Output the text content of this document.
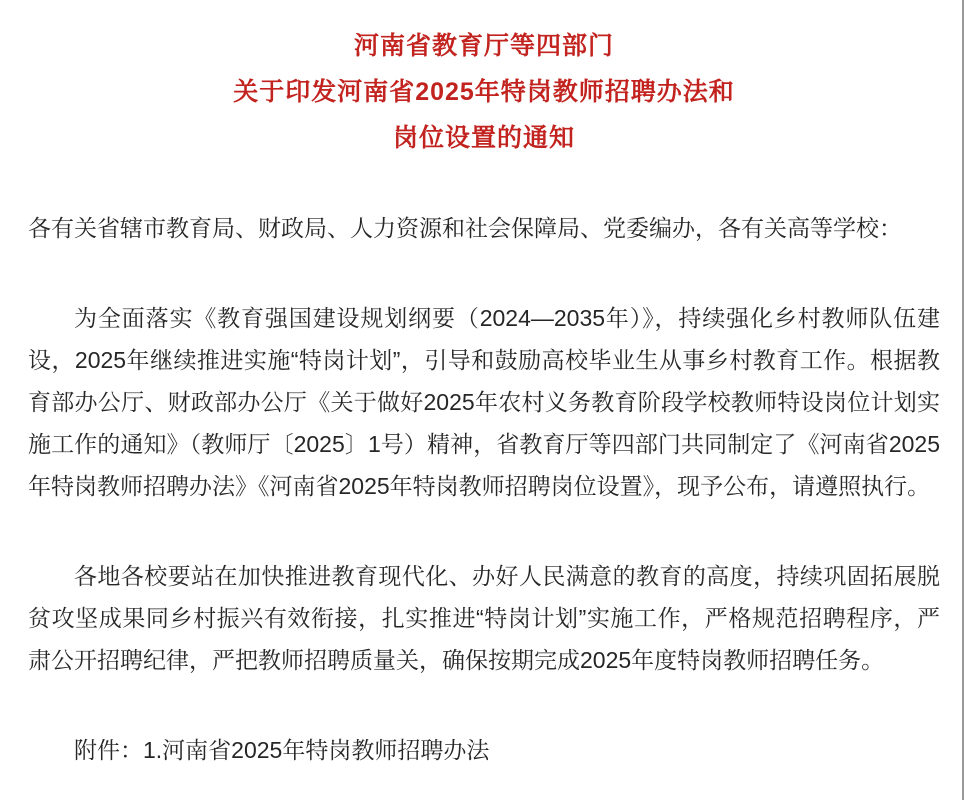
河南省教育厅等四部门
关于印发河南省2025年特岗教师招聘办法和
岗位设置的通知
各有关省辖市教育局、财政局、人力资源和社会保障局、党委编办，各有关高等学校：
为全面落实《教育强国建设规划纲要（2024—2035年）》，持续强化乡村教师队伍建设，2025年继续推进实施“特岗计划”，引导和鼓励高校毕业生从事乡村教育工作。根据教育部办公厅、财政部办公厅《关于做好2025年农村义务教育阶段学校教师特设岗位计划实施工作的通知》（教师厅〔2025〕1号）精神，省教育厅等四部门共同制定了《河南省2025年特岗教师招聘办法》《河南省2025年特岗教师招聘岗位设置》，现予公布，请遵照执行。
各地各校要站在加快推进教育现代化、办好人民满意的教育的高度，持续巩固拓展脱贫攻坚成果同乡村振兴有效衔接，扎实推进“特岗计划”实施工作，严格规范招聘程序，严肃公开招聘纪律，严把教师招聘质量关，确保按期完成2025年度特岗教师招聘任务。
附件：1.河南省2025年特岗教师招聘办法
